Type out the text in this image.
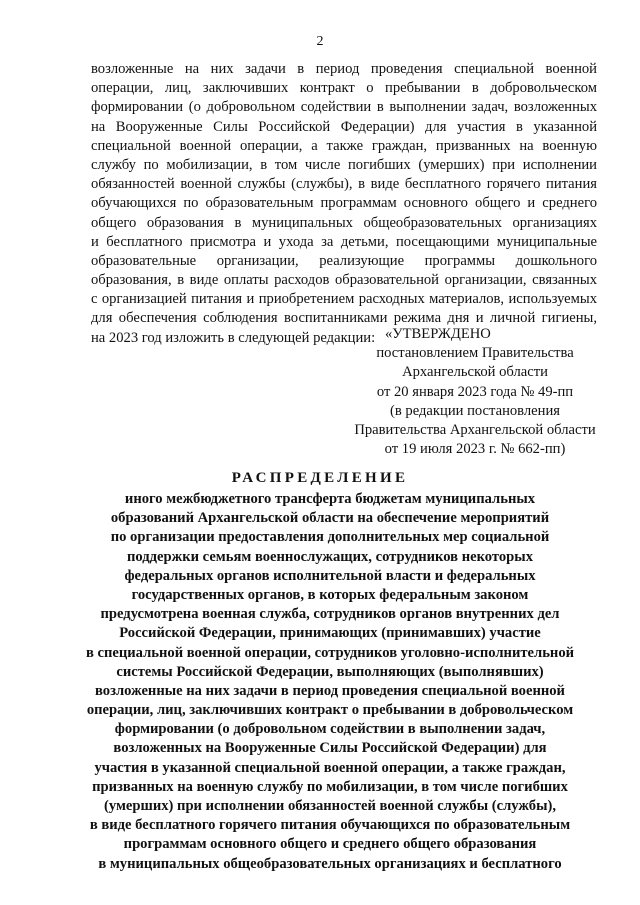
2
возложенные на них задачи в период проведения специальной военной
операции, лиц, заключивших контракт о пребывании в добровольческом
формировании (о добровольном содействии в выполнении задач, возложенных
на Вооруженные Силы Российской Федерации) для участия в указанной
специальной военной операции, а также граждан, призванных на военную
службу по мобилизации, в том числе погибших (умерших) при исполнении
обязанностей военной службы (службы), в виде бесплатного горячего питания
обучающихся по образовательным программам основного общего и среднего
общего образования в муниципальных общеобразовательных организациях
и бесплатного присмотра и ухода за детьми, посещающими муниципальные
образовательные организации, реализующие программы дошкольного
образования, в виде оплаты расходов образовательной организации, связанных
с организацией питания и приобретением расходных материалов, используемых
для обеспечения соблюдения воспитанниками режима дня и личной гигиены,
на 2023 год изложить в следующей редакции: «УТВЕРЖДЕНО
постановлением Правительства
Архангельской области
от 20 января 2023 года № 49-пп
(в редакции постановления
Правительства Архангельской области
от 19 июля 2023 г. № 662-пп)
РАСПРЕДЕЛЕНИЕ
иного межбюджетного трансферта бюджетам муниципальных
образований Архангельской области на обеспечение мероприятий
по организации предоставления дополнительных мер социальной
поддержки семьям военнослужащих, сотрудников некоторых
федеральных органов исполнительной власти и федеральных
государственных органов, в которых федеральным законом
предусмотрена военная служба, сотрудников органов внутренних дел
Российской Федерации, принимающих (принимавших) участие
в специальной военной операции, сотрудников уголовно-исполнительной
системы Российской Федерации, выполняющих (выполнявших)
возложенные на них задачи в период проведения специальной военной
операции, лиц, заключивших контракт о пребывании в добровольческом
формировании (о добровольном содействии в выполнении задач,
возложенных на Вооруженные Силы Российской Федерации) для
участия в указанной специальной военной операции, а также граждан,
призванных на военную службу по мобилизации, в том числе погибших
(умерших) при исполнении обязанностей военной службы (службы),
в виде бесплатного горячего питания обучающихся по образовательным
программам основного общего и среднего общего образования
в муниципальных общеобразовательных организациях и бесплатного
